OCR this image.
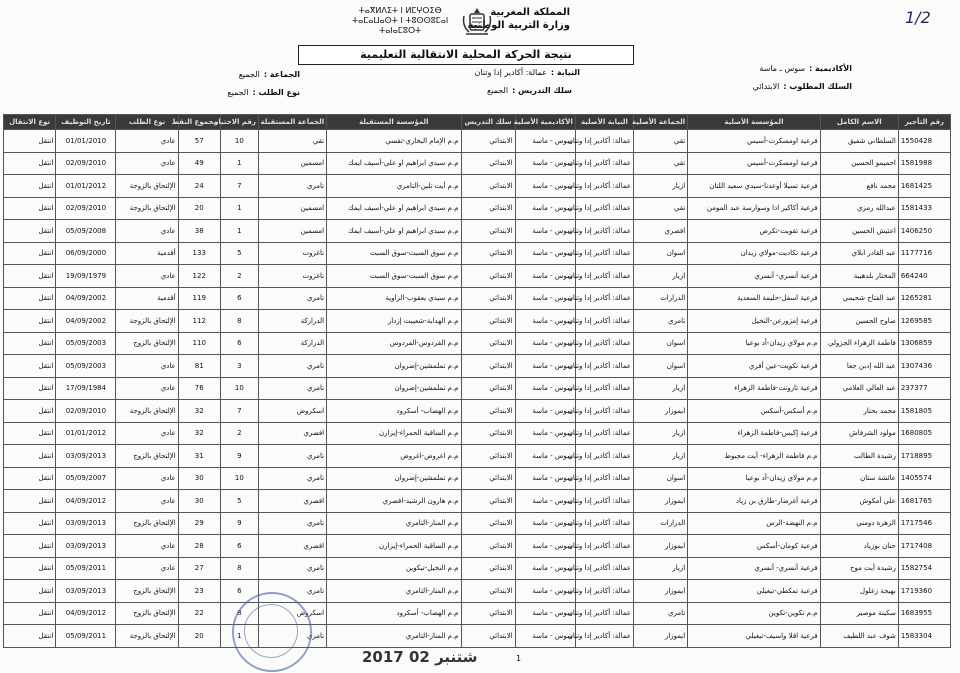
المملكة المغربية
وزارة التربية الوطنية
ⵜⴰⴳⵍⴷⵉⵜ ⵏ ⵍⵎⵖⵔⵉⴱ
ⵜⴰⵎⴰⵡⴰⵙⵜ ⵏ ⵜⵓⵙⵙⵓⵎⴰⵏ
ⵜⴰⵏⴰⵎⵓⵔⵜ
1/2
نتيجة الحركة المحلية الانتقالية التعليمية
الأكاديمية :سوس ـ ماسة
السلك المطلوب :الابتدائي
النيابة :عمالة: أكادير إدا وتنان
سلك التدريس :الجميع
الجماعة :الجميع
نوع الطلب :الجميع
رقم التأجير	الاسم الكامل	المؤسسة الأصلية	الجماعة الأصلية	النيابة الأصلية	الأكاديمية الأصلية	سلك التدريس	المؤسسة المستقبلة	الجماعة المستقبلة	رقم الاختيار	مجموع النقط	نوع الطلب	تاريخ التوظيف	نوع الانتقال
1550428	السلطاني شفيق	فرعية اومسكرت-أسيس	تقي	عمالة: أكادير إدا وتنان	سوس - ماسة	الابتدائي	م.م الإمام البخاري-تقسي	تقي	10	57	عادي	01/01/2010	انتقل
1581988	احميمو الحسين	فرعية اومسكرت-أسيس	تقي	عمالة: أكادير إدا وتنان	سوس - ماسة	الابتدائي	م.م سيدي ابراهيم او علي-أسيف ايمك	امسمين	1	49	عادي	02/09/2010	انتقل
1681425	محمد نافع	فرعية تسيلا أوعدنا-سيدي سعيد اللتان	ازيار	عمالة: أكادير إدا وتنان	سوس - ماسة	الابتدائي	م.م أيت تلين-التامري	تامري	7	24	الإلتحاق بالزوجة	01/01/2012	انتقل
1581433	عبدالله رمزي	فرعية أكاكير ادا وسوارسة عبد المومن	تقي	عمالة: أكادير إدا وتنان	سوس - ماسة	الابتدائي	م.م سيدي ابراهيم او علي-أسيف ايمك	امسمين	1	20	الإلتحاق بالزوجة	02/09/2010	انتقل
1406250	اعتيش الحسين	فرعية تقويت-تكرص	افصري	عمالة: أكادير إدا وتنان	سوس - ماسة	الابتدائي	م.م سيدي ابراهيم او علي-أسيف ايمك	امسمين	1	38	عادي	05/09/2008	انتقل
1177716	عبد القادر ابلاي	فرعية تكاديت-مولاي زيدان	اسوان	عمالة: أكادير إدا وتنان	سوس - ماسة	الابتدائي	م.م سوق السبت-سوق السبت	تاغزوت	5	133	أقدمية	06/09/2000	انتقل
664240	المختار بلدهيبة	فرعية أنسري- أنسري	ازيار	عمالة: أكادير إدا وتنان	سوس - ماسة	الابتدائي	م.م سوق السبت-سوق السبت	تاغزوت	2	122	عادي	19/09/1979	انتقل
1265281	عبد الفتاح شحيمي	فرعية اسفل-حليمة السعدية	الدرارات	عمالة: أكادير إدا وتنان	سوس - ماسة	الابتدائي	م.م سيدي يعقوب-الزاوية	تامري	6	119	أقدمية	04/09/2002	انتقل
1269585	صاوح الحسين	فرعية إمزورعن-النخيل	تامري	عمالة: أكادير إدا وتنان	سوس - ماسة	الابتدائي	م.م الهداية-شعيبت إزدار	الدراركة	8	112	الإلتحاق بالزوجة	04/09/2002	انتقل
1306859	فاطمة الزهراء الجزولي	م.م مولاي زيدان-أد بوعيا	اسوان	عمالة: أكادير إدا وتنان	سوس - ماسة	الابتدائي	م.م الفردوس-الفردوس	الدراركة	6	110	الإلتحاق بالزوج	05/09/2003	انتقل
1307436	عبد الله إدبن جعا	فرعية تكويت-عين أفري	اسوان	عمالة: أكادير إدا وتنان	سوس - ماسة	الابتدائي	م.م تملمشين-إضروان	تامري	3	81	عادي	05/09/2003	انتقل
237377	عبد العالي العلامي	فرعية تاروتت-فاطمة الزهراء	ازيار	عمالة: أكادير إدا وتنان	سوس - ماسة	الابتدائي	م.م تملمشين-إضروان	تامري	10	76	عادي	17/09/1984	انتقل
1581805	محمد بحتار	م.م أسكس-أسكس	ايموزار	عمالة: أكادير إدا وتنان	سوس - ماسة	الابتدائي	م.م الهضاب- أسكرود	اسكروض	7	32	الإلتحاق بالزوجة	02/09/2010	انتقل
1680805	مولود الشرفاش	فرعية إكيس-فاطمة الزهراء	ازيار	عمالة: أكادير إدا وتنان	سوس - ماسة	الابتدائي	م.م الساقية الحمراء-إيزارن	افصري	2	32	عادي	01/01/2012	انتقل
1718895	رشيدة الطالب	م.م فاطمة الزهراء- أيت مجبوط	ازيار	عمالة: أكادير إدا وتنان	سوس - ماسة	الابتدائي	م.م اغروض-اغروض	تامري	9	31	الإلتحاق بالزوج	03/09/2013	انتقل
1405574	عائشة ستان	م.م مولاي زيدان-أد بوعيا	اسوان	عمالة: أكادير إدا وتنان	سوس - ماسة	الابتدائي	م.م تملمشين-إضروان	تامري	10	30	عادي	05/09/2007	انتقل
1681765	علي أمكوش	فرعية أغرضار-طارق بن زياد	ايموزار	عمالة: أكادير إدا وتنان	سوس - ماسة	الابتدائي	م.م هارون الرشيد-افصري	افصري	5	30	عادي	04/09/2012	انتقل
1717546	الزهرة دومني	م.م النهضة-الرس	الدرارات	عمالة: أكادير إدا وتنان	سوس - ماسة	الابتدائي	م.م المنار-التامري	تامري	9	29	الإلتحاق بالزوج	03/09/2013	انتقل
1717408	حنان بوزياد	فرعية كومان-أسكس	ايموزار	عمالة: أكادير إدا وتنان	سوس - ماسة	الابتدائي	م.م الساقية الحمراء-إيزارن	افصري	6	28	عادي	03/09/2013	انتقل
1582754	رشيدة أيت موح	فرعية أنسري- أنسري	ازيار	عمالة: أكادير إدا وتنان	سوس - ماسة	الابتدائي	م.م النخيل-تيكوين	تامري	8	27	عادي	05/09/2011	انتقل
1719360	بهيجة زغلول	فرعية تمكطي-تيغيلي	ايموزار	عمالة: أكادير إدا وتنان	سوس - ماسة	الابتدائي	م.م المنار-التامري	تامري	6	23	الإلتحاق بالزوج	03/09/2013	انتقل
1683955	سكينة موصير	م.م تكوين-تكوين	تامري	عمالة: أكادير إدا وتنان	سوس - ماسة	الابتدائي	م.م الهضاب- أسكرود	اسكروض	8	22	الإلتحاق بالزوج	04/09/2012	انتقل
1583304	شوف عبد اللطيف	فرعية اقلا واسيف-تيغيلي	ايموزار	عمالة: أكادير إدا وتنان	سوس - ماسة	الابتدائي	م.م المنار-التامري	تامري	1	20	الإلتحاق بالزوجة	05/09/2011	انتقل
2017 شتنبر 02	1
